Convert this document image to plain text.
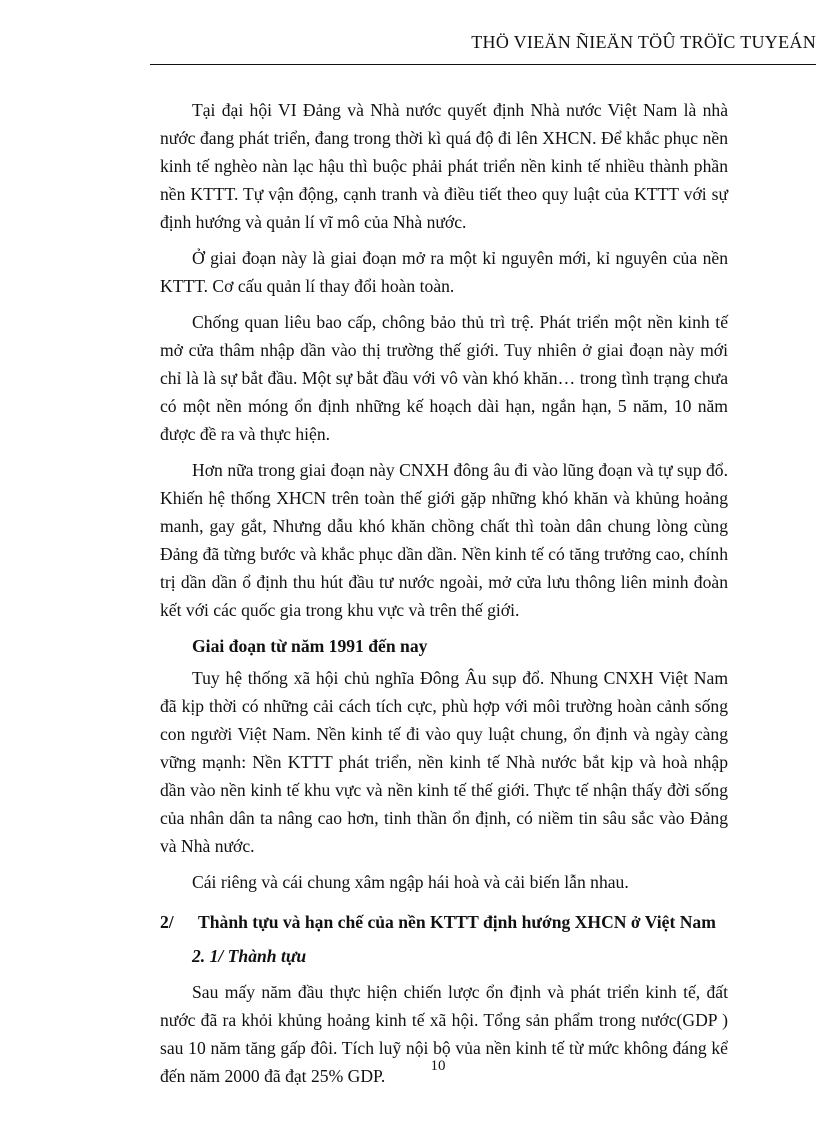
THÖ VIEÄN ÑIEÄN TÖÛ TRÖÏC TUYEÁN

Tại đại hội VI Đảng và Nhà nước quyết định Nhà nước Việt Nam là nhà nước đang phát triển, đang trong thời kì quá độ đi lên XHCN. Để khắc phục nền kinh tế nghèo nàn lạc hậu thì buộc phải phát triển nền kinh tế nhiều thành phần nền KTTT. Tự vận động, cạnh tranh và điều tiết theo quy luật của KTTT với sự định hướng và quản lí vĩ mô của Nhà nước.

Ở giai đoạn này là giai đoạn mở ra một kỉ nguyên mới, kỉ nguyên của nền KTTT. Cơ cấu quản lí thay đổi hoàn toàn.

Chống quan liêu bao cấp, chông bảo thủ trì trệ. Phát triển một nền kinh tế mở cửa thâm nhập dần vào thị trường thế giới. Tuy nhiên ở giai đoạn này mới chỉ là là sự bắt đầu. Một sự bắt đầu với vô vàn khó khăn… trong tình trạng chưa có một nền móng ổn định những kế hoạch dài hạn, ngắn hạn, 5 năm, 10 năm được đề ra và thực hiện.

Hơn nữa trong giai đoạn này CNXH đông âu đi vào lũng đoạn và tự sụp đổ. Khiến hệ thống XHCN trên toàn thế giới gặp những khó khăn và khủng hoảng manh, gay gắt, Nhưng dẫu khó khăn chồng chất thì toàn dân chung lòng cùng Đảng đã từng bước và khắc phục dần dần. Nền kinh tế có tăng trưởng cao, chính trị dần dần ổ định thu hút đầu tư nước ngoài, mở cửa lưu thông liên minh đoàn kết với các quốc gia trong khu vực và trên thế giới.

Giai đoạn từ năm 1991 đến nay

Tuy hệ thống xã hội chủ nghĩa Đông Âu sụp đổ. Nhung CNXH Việt Nam đã kịp thời có những cải cách tích cực, phù hợp với môi trường hoàn cảnh sống con người Việt Nam. Nền kinh tế đi vào quy luật chung, ổn định và ngày càng vững mạnh: Nền KTTT phát triển, nền kinh tế Nhà nước bắt kịp và hoà nhập dần vào nền kinh tế khu vực và nền kinh tế thế giới. Thực tế nhận thấy đời sống của nhân dân ta nâng cao hơn, tinh thần ổn định, có niềm tin sâu sắc vào Đảng và Nhà nước.

Cái riêng và cái chung xâm ngập hái hoà và cải biến lẫn nhau.

2/	Thành tựu và hạn chế của nền KTTT định hướng XHCN ở Việt Nam

2. 1/ Thành tựu

Sau mấy năm đầu thực hiện chiến lược ổn định và phát triển kinh tế, đất nước đã ra khỏi khủng hoảng kinh tế xã hội. Tổng sản phẩm trong nước(GDP ) sau 10 năm tăng gấp đôi. Tích luỹ nội bộ vủa nền kinh tế từ mức không đáng kể đến năm 2000 đã đạt 25% GDP.	10
